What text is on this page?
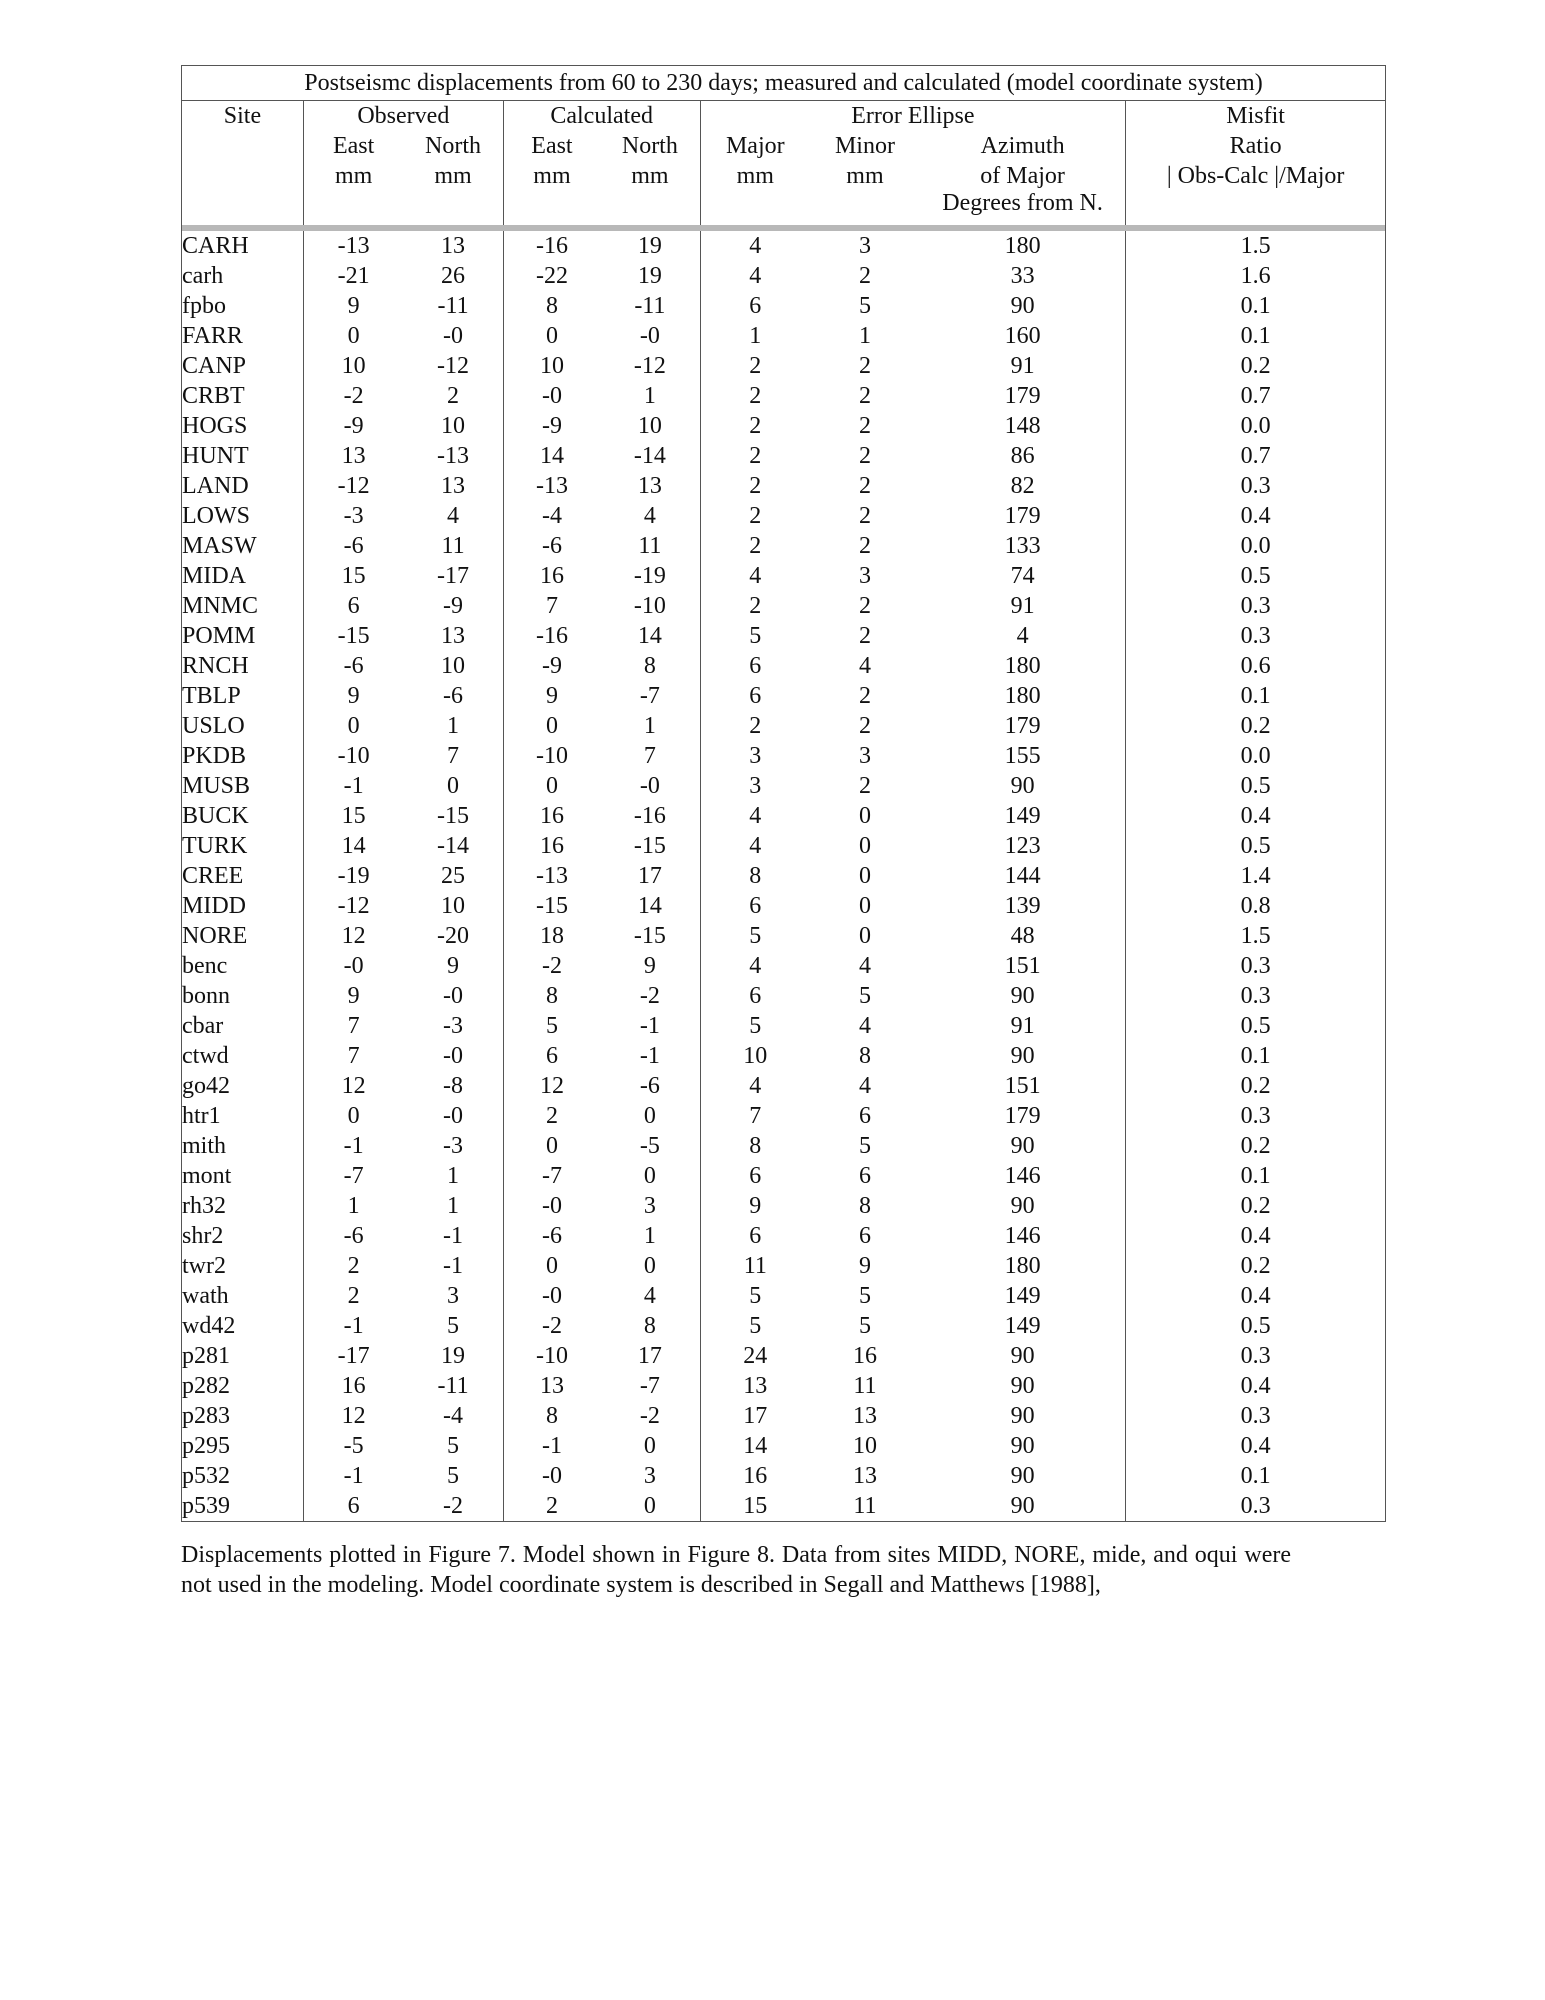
Postseismc displacements from 60 to 230 days; measured and calculated (model coordinate system)								
Site	Observed		Calculated		Error Ellipse			Misfit
	East	North	East	North	Major	Minor	Azimuth	Ratio
	mm	mm	mm	mm	mm	mm	of Major	| Obs-Calc |/Major
							Degrees from N.	

CARH	-13	13	-16	19	4	3	180	1.5
carh	-21	26	-22	19	4	2	33	1.6
fpbo	9	-11	8	-11	6	5	90	0.1
FARR	0	-0	0	-0	1	1	160	0.1
CANP	10	-12	10	-12	2	2	91	0.2
CRBT	-2	2	-0	1	2	2	179	0.7
HOGS	-9	10	-9	10	2	2	148	0.0
HUNT	13	-13	14	-14	2	2	86	0.7
LAND	-12	13	-13	13	2	2	82	0.3
LOWS	-3	4	-4	4	2	2	179	0.4
MASW	-6	11	-6	11	2	2	133	0.0
MIDA	15	-17	16	-19	4	3	74	0.5
MNMC	6	-9	7	-10	2	2	91	0.3
POMM	-15	13	-16	14	5	2	4	0.3
RNCH	-6	10	-9	8	6	4	180	0.6
TBLP	9	-6	9	-7	6	2	180	0.1
USLO	0	1	0	1	2	2	179	0.2
PKDB	-10	7	-10	7	3	3	155	0.0
MUSB	-1	0	0	-0	3	2	90	0.5
BUCK	15	-15	16	-16	4	0	149	0.4
TURK	14	-14	16	-15	4	0	123	0.5
CREE	-19	25	-13	17	8	0	144	1.4
MIDD	-12	10	-15	14	6	0	139	0.8
NORE	12	-20	18	-15	5	0	48	1.5
benc	-0	9	-2	9	4	4	151	0.3
bonn	9	-0	8	-2	6	5	90	0.3
cbar	7	-3	5	-1	5	4	91	0.5
ctwd	7	-0	6	-1	10	8	90	0.1
go42	12	-8	12	-6	4	4	151	0.2
htr1	0	-0	2	0	7	6	179	0.3
mith	-1	-3	0	-5	8	5	90	0.2
mont	-7	1	-7	0	6	6	146	0.1
rh32	1	1	-0	3	9	8	90	0.2
shr2	-6	-1	-6	1	6	6	146	0.4
twr2	2	-1	0	0	11	9	180	0.2
wath	2	3	-0	4	5	5	149	0.4
wd42	-1	5	-2	8	5	5	149	0.5
p281	-17	19	-10	17	24	16	90	0.3
p282	16	-11	13	-7	13	11	90	0.4
p283	12	-4	8	-2	17	13	90	0.3
p295	-5	5	-1	0	14	10	90	0.4
p532	-1	5	-0	3	16	13	90	0.1
p539	6	-2	2	0	15	11	90	0.3
Displacements plotted in Figure 7. Model shown in Figure 8. Data from sites MIDD, NORE, mide, and oqui were not used in the modeling. Model coordinate system is described in Segall and Matthews [1988],
